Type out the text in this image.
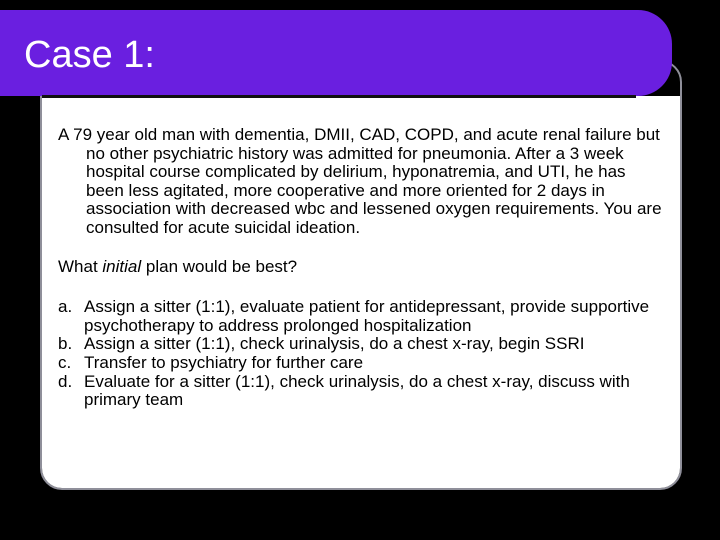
Case 1:

A 79 year old man with dementia, DMII, CAD, COPD, and acute renal failure but no other psychiatric history was admitted for pneumonia. After a 3 week hospital course complicated by delirium, hyponatremia, and UTI, he has been less agitated, more cooperative and more oriented for 2 days in association with decreased wbc and lessened oxygen requirements. You are consulted for acute suicidal ideation.

What initial plan would be best?
a. Assign a sitter (1:1), evaluate patient for antidepressant, provide supportive psychotherapy to address prolonged hospitalization
b. Assign a sitter (1:1), check urinalysis, do a chest x-ray, begin SSRI
c. Transfer to psychiatry for further care
d. Evaluate for a sitter (1:1), check urinalysis, do a chest x-ray, discuss with primary team
